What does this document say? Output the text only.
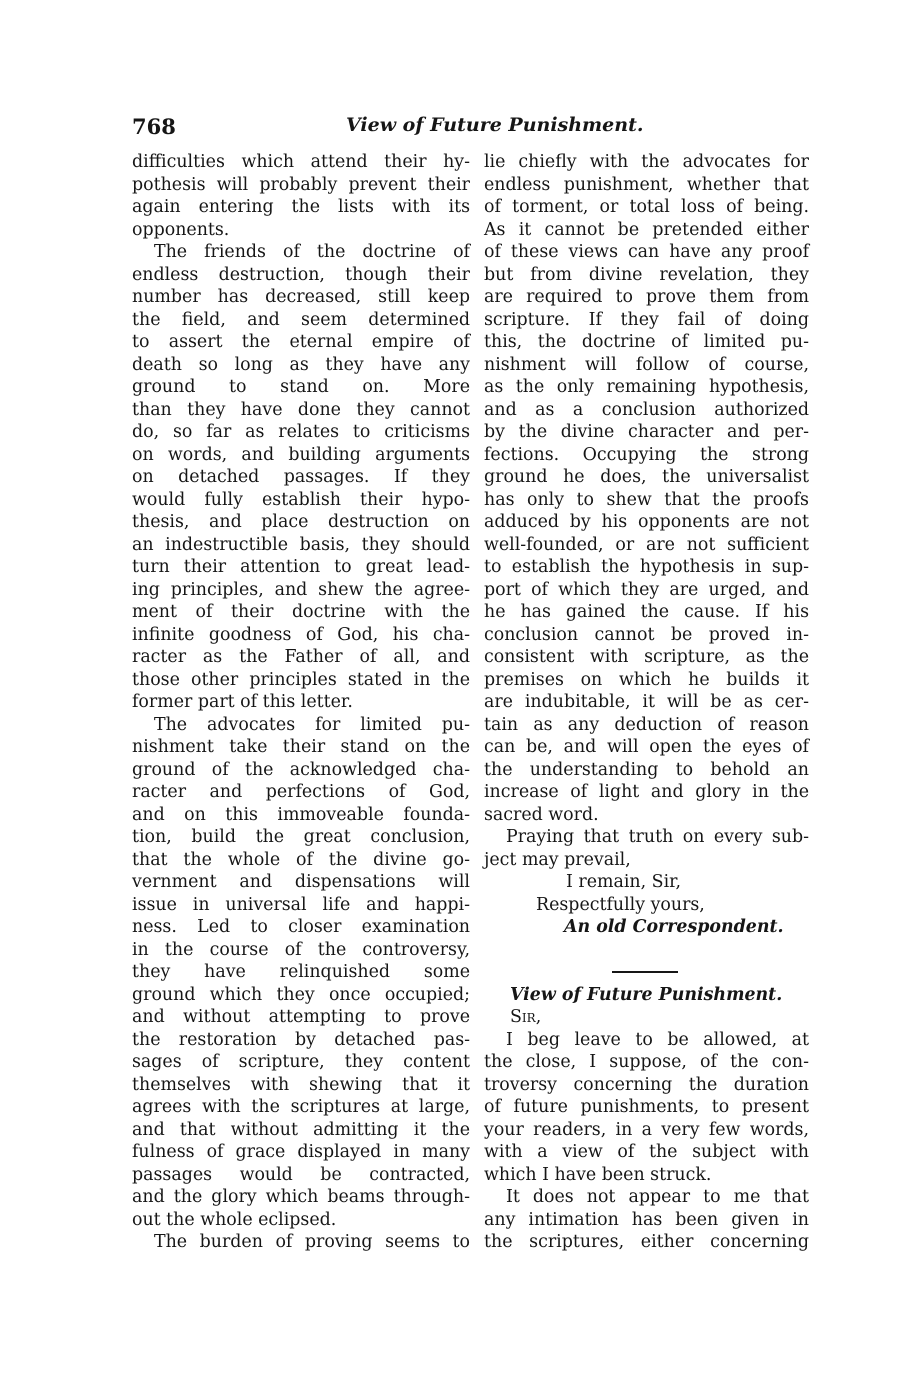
768	View of Future Punishment.
difficulties which attend their hy-
pothesis will probably prevent their
again entering the lists with its
opponents.
The friends of the doctrine of
endless destruction, though their
number has decreased, still keep
the field, and seem determined
to assert the eternal empire of
death so long as they have any
ground to stand on. More
than they have done they cannot
do, so far as relates to criticisms
on words, and building arguments
on detached passages. If they
would fully establish their hypo-
thesis, and place destruction on
an indestructible basis, they should
turn their attention to great lead-
ing principles, and shew the agree-
ment of their doctrine with the
infinite goodness of God, his cha-
racter as the Father of all, and
those other principles stated in the
former part of this letter.
The advocates for limited pu-
nishment take their stand on the
ground of the acknowledged cha-
racter and perfections of God,
and on this immoveable founda-
tion, build the great conclusion,
that the whole of the divine go-
vernment and dispensations will
issue in universal life and happi-
ness. Led to closer examination
in the course of the controversy,
they have relinquished some
ground which they once occupied;
and without attempting to prove
the restoration by detached pas-
sages of scripture, they content
themselves with shewing that it
agrees with the scriptures at large,
and that without admitting it the
fulness of grace displayed in many
passages would be contracted,
and the glory which beams through-
out the whole eclipsed.
The burden of proving seems to
lie chiefly with the advocates for
endless punishment, whether that
of torment, or total loss of being.
As it cannot be pretended either
of these views can have any proof
but from divine revelation, they
are required to prove them from
scripture. If they fail of doing
this, the doctrine of limited pu-
nishment will follow of course,
as the only remaining hypothesis,
and as a conclusion authorized
by the divine character and per-
fections. Occupying the strong
ground he does, the universalist
has only to shew that the proofs
adduced by his opponents are not
well-founded, or are not sufficient
to establish the hypothesis in sup-
port of which they are urged, and
he has gained the cause. If his
conclusion cannot be proved in-
consistent with scripture, as the
premises on which he builds it
are indubitable, it will be as cer-
tain as any deduction of reason
can be, and will open the eyes of
the understanding to behold an
increase of light and glory in the
sacred word.
Praying that truth on every sub-
ject may prevail,
I remain, Sir,
Respectfully yours,
An old Correspondent.
View of Future Punishment.
Sir,
I beg leave to be allowed, at
the close, I suppose, of the con-
troversy concerning the duration
of future punishments, to present
your readers, in a very few words,
with a view of the subject with
which I have been struck.
It does not appear to me that
any intimation has been given in
the scriptures, either concerning
